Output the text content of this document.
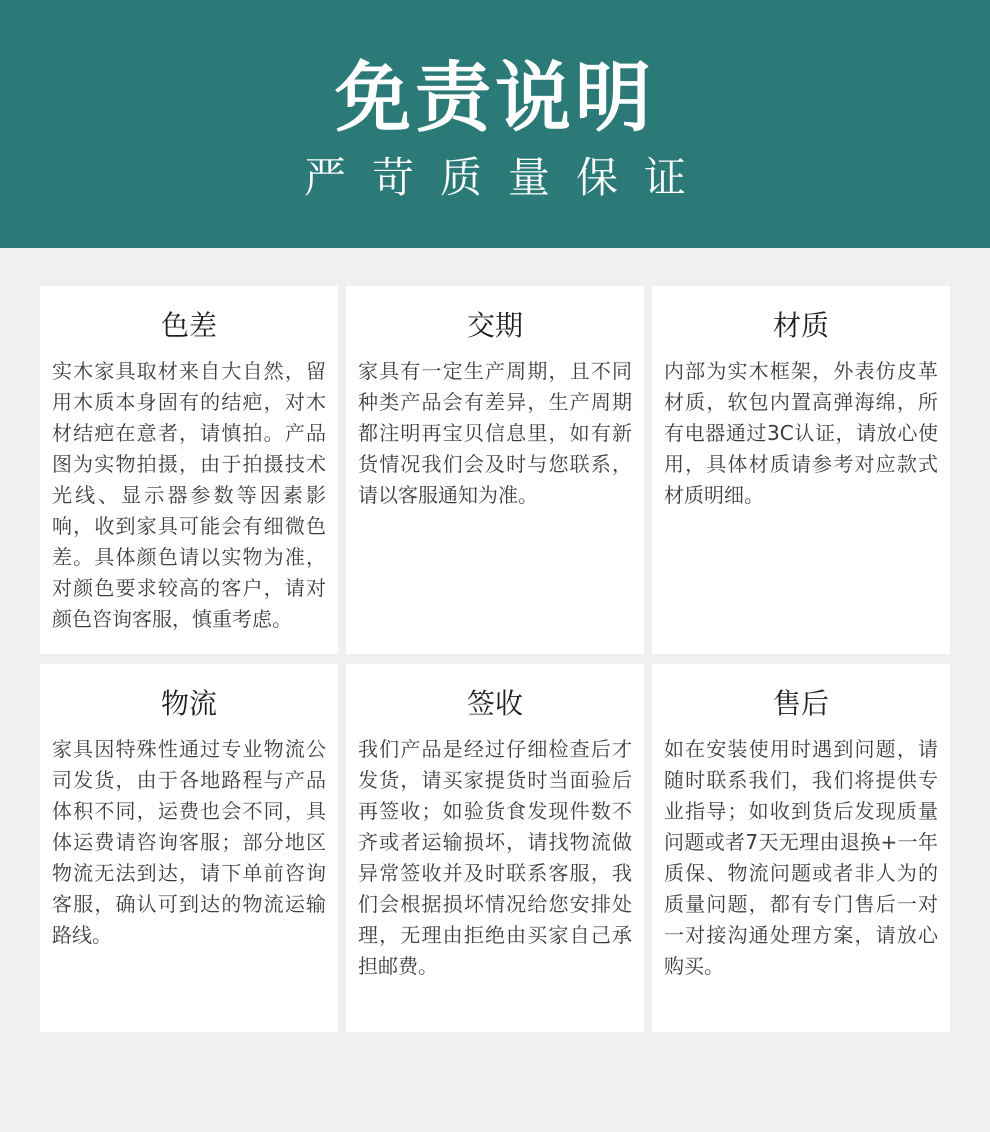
免责说明
严苛质量保证
色差
实木家具取材来自大自然，留用木质本身固有的结疤，对木材结疤在意者，请慎拍。产品图为实物拍摄，由于拍摄技术光线、显示器参数等因素影响，收到家具可能会有细微色差。具体颜色请以实物为准，对颜色要求较高的客户，请对颜色咨询客服，慎重考虑。
交期
家具有一定生产周期，且不同种类产品会有差异，生产周期都注明再宝贝信息里，如有新货情况我们会及时与您联系，请以客服通知为准。
材质
内部为实木框架，外表仿皮革材质，软包内置高弹海绵，所有电器通过3C认证，请放心使用，具体材质请参考对应款式材质明细。
物流
家具因特殊性通过专业物流公司发货，由于各地路程与产品体积不同，运费也会不同，具体运费请咨询客服；部分地区物流无法到达，请下单前咨询客服，确认可到达的物流运输路线。
签收
我们产品是经过仔细检查后才发货，请买家提货时当面验后再签收；如验货食发现件数不齐或者运输损坏，请找物流做异常签收并及时联系客服，我们会根据损坏情况给您安排处理，无理由拒绝由买家自己承担邮费。
售后
如在安装使用时遇到问题，请随时联系我们，我们将提供专业指导；如收到货后发现质量问题或者7天无理由退换+一年质保、物流问题或者非人为的质量问题，都有专门售后一对一对接沟通处理方案，请放心购买。
